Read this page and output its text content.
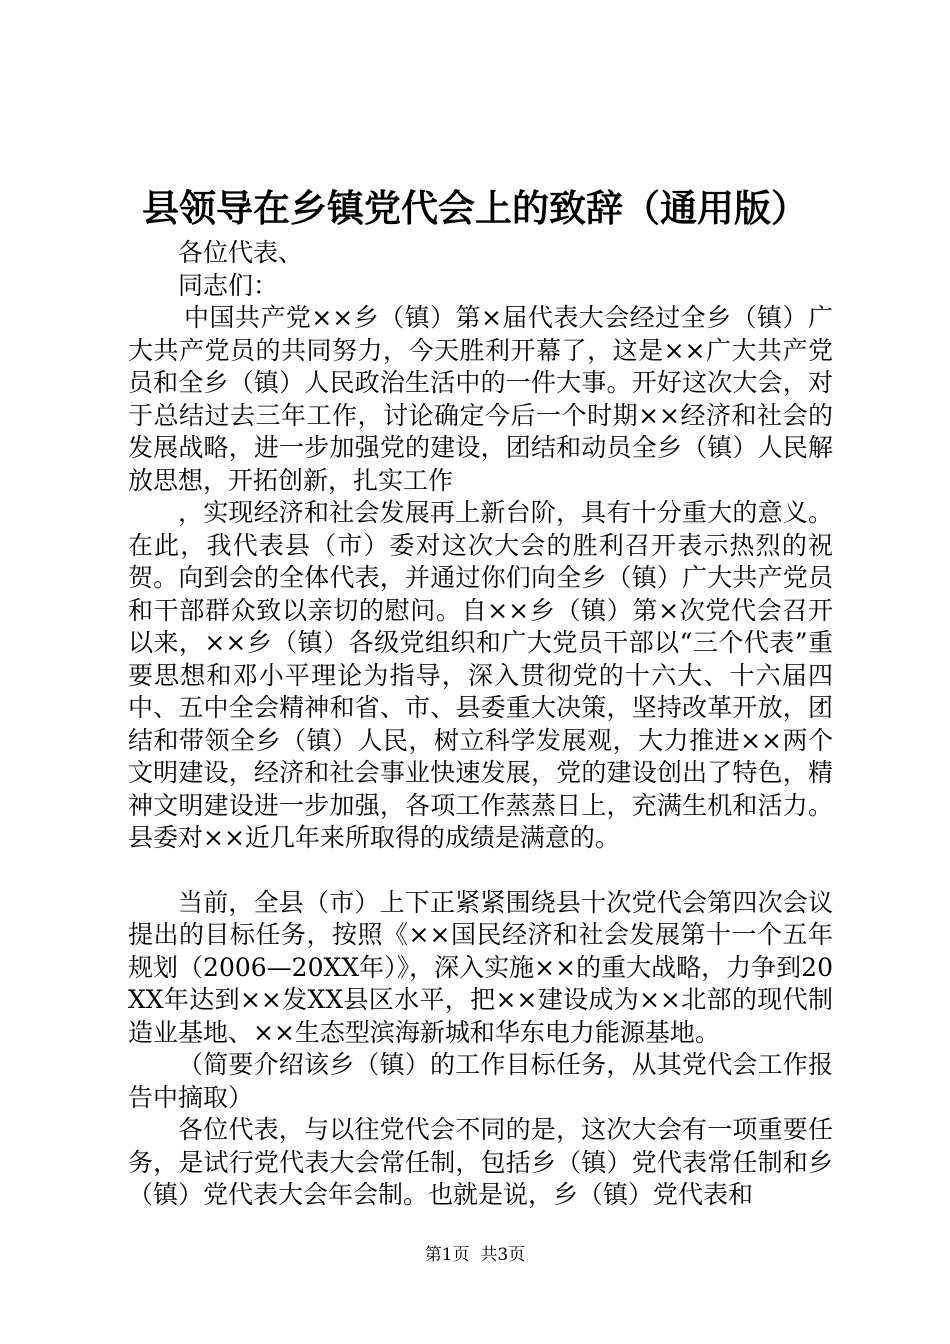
县领导在乡镇党代会上的致辞（通用版）

各位代表、

同志们：

中国共产党××乡（镇）第×届代表大会经过全乡（镇）广大共产党员的共同努力，今天胜利开幕了，这是××广大共产党员和全乡（镇）人民政治生活中的一件大事。开好这次大会，对于总结过去三年工作，讨论确定今后一个时期××经济和社会的发展战略，进一步加强党的建设，团结和动员全乡（镇）人民解放思想，开拓创新，扎实工作

，实现经济和社会发展再上新台阶，具有十分重大的意义。在此，我代表县（市）委对这次大会的胜利召开表示热烈的祝贺。向到会的全体代表，并通过你们向全乡（镇）广大共产党员和干部群众致以亲切的慰问。自××乡（镇）第×次党代会召开以来，××乡（镇）各级党组织和广大党员干部以“三个代表”重要思想和邓小平理论为指导，深入贯彻党的十六大、十六届四中、五中全会精神和省、市、县委重大决策，坚持改革开放，团结和带领全乡（镇）人民，树立科学发展观，大力推进××两个文明建设，经济和社会事业快速发展，党的建设创出了特色，精神文明建设进一步加强，各项工作蒸蒸日上，充满生机和活力。县委对××近几年来所取得的成绩是满意的。

当前，全县（市）上下正紧紧围绕县十次党代会第四次会议提出的目标任务，按照《××国民经济和社会发展第十一个五年规划（2006—20XX年）》，深入实施××的重大战略，力争到20XX年达到××发XX县区水平，把××建设成为××北部的现代制造业基地、××生态型滨海新城和华东电力能源基地。

（简要介绍该乡（镇）的工作目标任务，从其党代会工作报告中摘取）

各位代表，与以往党代会不同的是，这次大会有一项重要任务，是试行党代表大会常任制，包括乡（镇）党代表常任制和乡（镇）党代表大会年会制。也就是说，乡（镇）党代表和

第1页 共3页
